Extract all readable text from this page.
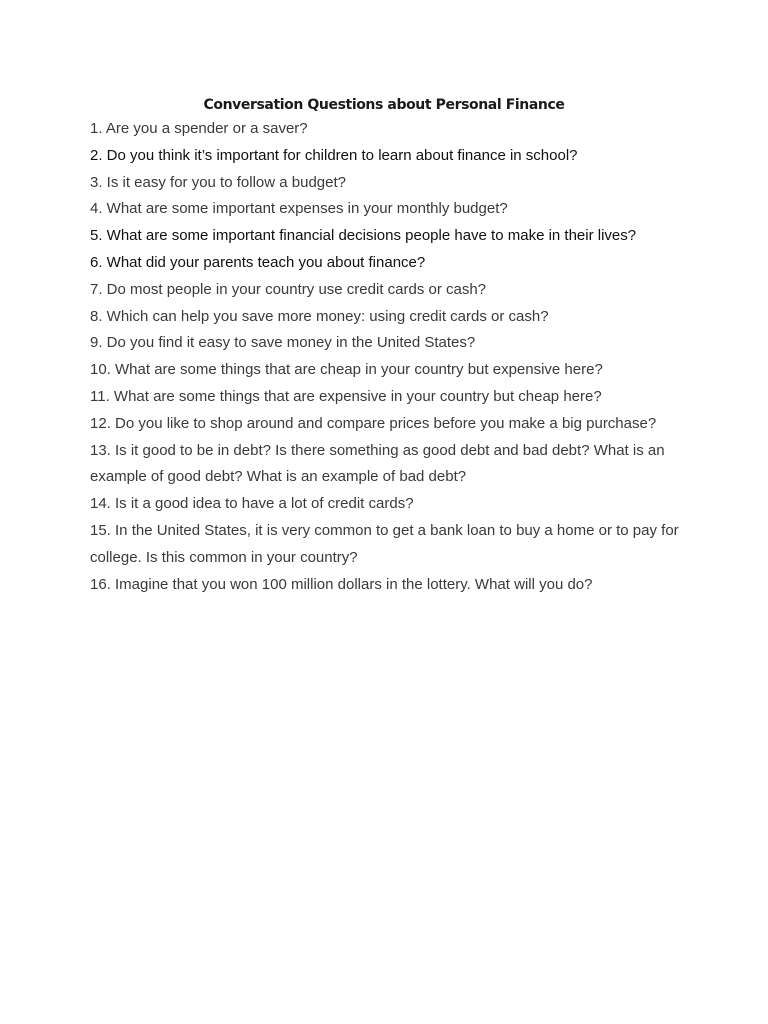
Conversation Questions about Personal Finance
1. Are you a spender or a saver?
2. Do you think it’s important for children to learn about finance in school?
3. Is it easy for you to follow a budget?
4. What are some important expenses in your monthly budget?
5. What are some important financial decisions people have to make in their lives?
6. What did your parents teach you about finance?
7. Do most people in your country use credit cards or cash?
8. Which can help you save more money: using credit cards or cash?
9. Do you find it easy to save money in the United States?
10. What are some things that are cheap in your country but expensive here?
11. What are some things that are expensive in your country but cheap here?
12. Do you like to shop around and compare prices before you make a big purchase?
13. Is it good to be in debt? Is there something as good debt and bad debt? What is an example of good debt? What is an example of bad debt?
14. Is it a good idea to have a lot of credit cards?
15. In the United States, it is very common to get a bank loan to buy a home or to pay for college. Is this common in your country?
16. Imagine that you won 100 million dollars in the lottery. What will you do?
